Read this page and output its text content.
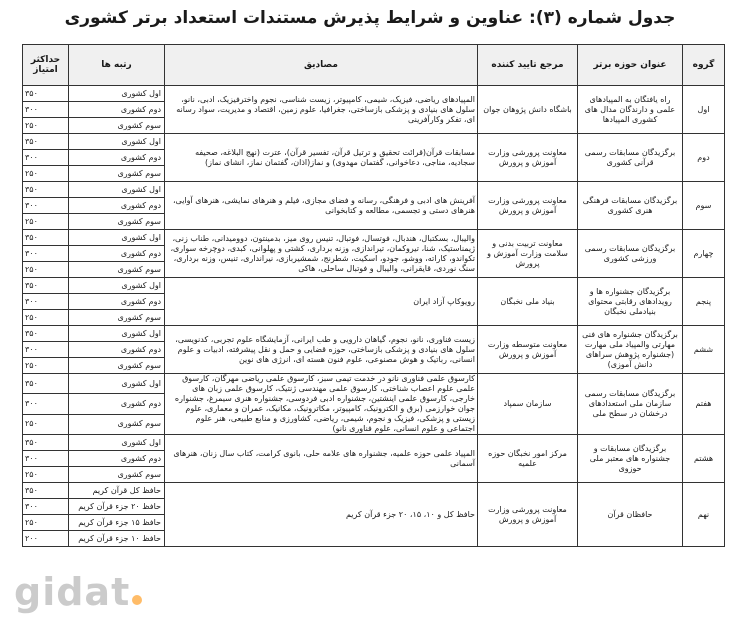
جدول شماره (۳): عناوین و شرایط پذیرش مستندات استعداد برتر کشوری
گروه	عنوان حوزه برتر	مرجع تایید کننده	مصادیق	رتبه ها	حداکثر امتیاز
اول	راه یافتگان به المپیادهای علمی و دارندگان مدال های کشوری المپیادها	باشگاه دانش پژوهان جوان	المپیادهای ریاضی، فیزیک، شیمی، کامپیوتر، زیست شناسی، نجوم واخترفیزیک، ادبی، نانو، سلول های بنیادی و پزشکی بازساختی، جغرافیا، علوم زمین، اقتصاد و مدیریت، سواد رسانه ای، تفکر وکارآفرینی	اول کشوری	۳۵۰
				دوم کشوری	۳۰۰
				سوم کشوری	۲۵۰
دوم	برگزیدگان مسابقات رسمی قرآنی کشوری	معاونت پرورشی وزارت آموزش و پرورش	مسابقات قرآن(قرائت تحقیق و ترتیل قرآن، تفسیر قرآن)، عترت (نهج البلاغه، صحیفه سجادیه، مناجی، دعاخوانی، گفتمان مهدوی) و نماز(اذان، گفتمان نماز، انشای نماز)	اول کشوری	۳۵۰
				دوم کشوری	۳۰۰
				سوم کشوری	۲۵۰
سوم	برگزیدگان مسابقات فرهنگی هنری کشوری	معاونت پرورشی وزارت آموزش و پرورش	آفرینش های ادبی و فرهنگی، رسانه و فضای مجازی، فیلم و هنرهای نمایشی، هنرهای آوایی، هنرهای دستی و تجسمی، مطالعه و کتابخوانی	اول کشوری	۳۵۰
				دوم کشوری	۳۰۰
				سوم کشوری	۲۵۰
چهارم	برگزیدگان مسابقات رسمی ورزشی کشوری	معاونت تربیت بدنی و سلامت وزارت آموزش و پرورش	والیبال، بسکتبال، هندبال، فوتسال، فوتبال، تنیس روی میز، بدمینتون، دوومیدانی، طناب زنی، ژیمناستیک، شنا، تیروکمان، تیراندازی، وزنه برداری، کشتی و پهلوانی، کبدی، دوچرخه سواری، تکواندو، کاراته، ووشو، جودو، اسکیت، شطرنج، شمشیربازی، نیرانداری، تنیس، وزنه برداری، سنگ نوردی، قایقرانی، والیبال و فوتبال ساحلی، هاکی	اول کشوری	۳۵۰
				دوم کشوری	۳۰۰
				سوم کشوری	۲۵۰
پنجم	برگزیدگان جشنواره ها و رویدادهای رقابتی محتوای بنیادملی نخبگان	بنیاد ملی نخبگان	رویوکاپ آزاد ایران	اول کشوری	۳۵۰
				دوم کشوری	۳۰۰
				سوم کشوری	۲۵۰
ششم	برگزیدگان جشنواره های فنی مهارتی والمپیاد ملی مهارت (جشنواره پژوهش سراهای دانش آموزی)	معاونت متوسطه وزارت آموزش و پرورش	زیست فناوری، نانو، نجوم، گیاهان دارویی و طب ایرانی، آزمایشگاه علوم تجربی، کدنویسی، سلول های بنیادی و پزشکی بازساختی، حوزه قضایی و حمل و نقل پیشرفته، ادبیات و علوم انسانی، رباتیک و هوش مصنوعی، علوم فنون هسته ای، انرژی های نوین	اول کشوری	۳۵۰
				دوم کشوری	۳۰۰
				سوم کشوری	۲۵۰
هفتم	برگزیدگان مسابقات رسمی سازمان ملی استعدادهای درخشان در سطح ملی	سازمان سمپاد	کارسوق علمی فناوری نانو در خدمت تیمی سبز، کارسوق علمی ریاضی مهرگان، کارسوق علمی علوم اعصاب شناختی، کارسوق علمی مهندسی ژنتیک، کارسوق علمی زبان های خارجی، کارسوق علمی اینشتین، جشنواره ادبی فردوسی، جشنواره هنری سیمرغ، جشنواره جوان خوارزمی (برق و الکترونیک، کامپیوتر، مکاترونیک، مکانیک، عمران و معماری، علوم زیستی و پزشکی، فیزیک و نجوم، شیمی، ریاضی، کشاورزی و منابع طبیعی، هنر علوم اجتماعی و علوم انسانی، علوم فناوری نانو)	اول کشوری	۳۵۰
				دوم کشوری	۳۰۰
				سوم کشوری	۲۵۰
هشتم	برگزیدگان مسابقات و جشنواره های معتبر ملی حوزوی	مرکز امور نخبگان حوزه علمیه	المپیاد علمی حوزه علمیه، جشنواره های علامه حلی، بانوی کرامت، کتاب سال زنان، هنرهای آسمانی	اول کشوری	۳۵۰
				دوم کشوری	۳۰۰
				سوم کشوری	۲۵۰
نهم	حافظان قرآن	معاونت پرورشی وزارت آموزش و پرورش	حافظ کل و ۱۰، ۱۵، ۲۰ جزء قرآن کریم	حافظ کل قرآن کریم	۳۵۰
				حافظ ۲۰ جزء قرآن کریم	۳۰۰
				حافظ ۱۵ جزء قرآن کریم	۲۵۰
				حافظ ۱۰ جزء قرآن کریم	۲۰۰
gidat
